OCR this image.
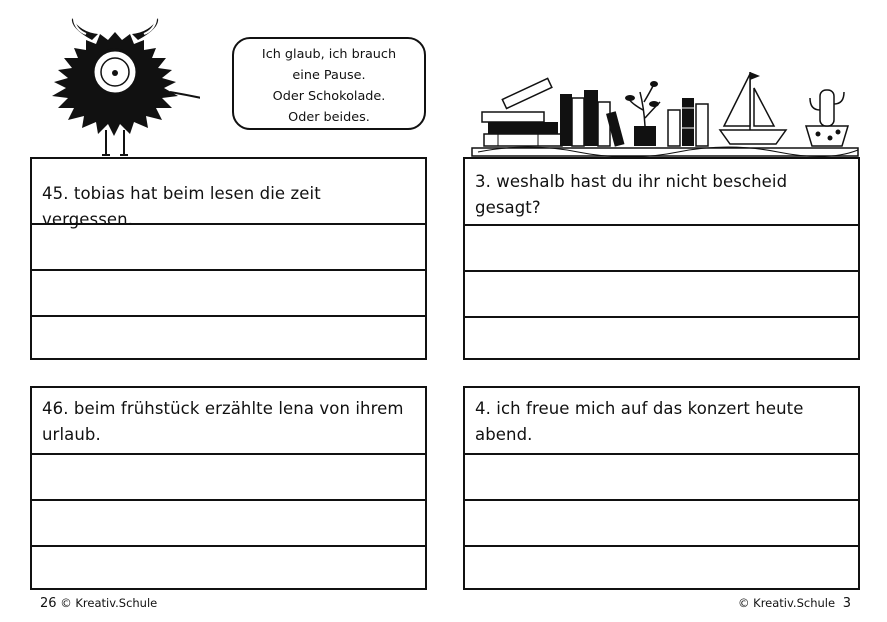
Ich glaub, ich brauch
eine Pause.
Oder Schokolade.
Oder beides.
45. tobias hat beim lesen die zeit vergessen.
3. weshalb hast du ihr nicht bescheid gesagt?
46. beim frühstück erzählte lena von ihrem urlaub.
4. ich freue mich auf das konzert heute abend.
26 © Kreativ.Schule	© Kreativ.Schule 3
